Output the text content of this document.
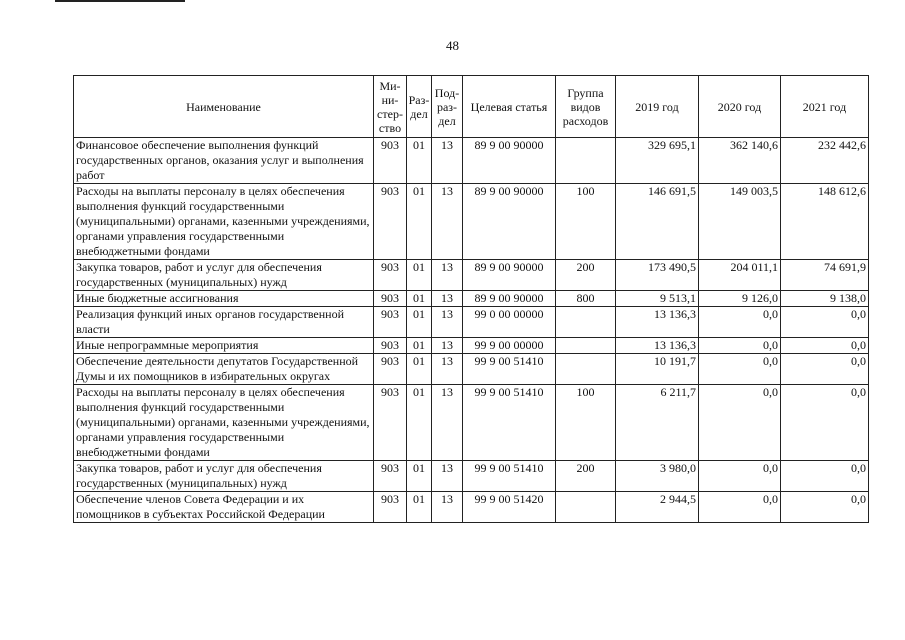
48
Наименование	Ми- ни- стер- ство	Раз- дел	Под- раз- дел	Целевая статья	Группа видов расходов	2019 год	2020 год	2021 год
Финансовое обеспечение выполнения функций государственных органов, оказания услуг и выполнения работ	903	01	13	89 9 00 90000		329 695,1	362 140,6	232 442,6
Расходы на выплаты персоналу в целях обеспечения выполнения функций государственными (муниципальными) органами, казенными учреждениями, органами управления государственными внебюджетными фондами	903	01	13	89 9 00 90000	100	146 691,5	149 003,5	148 612,6
Закупка товаров, работ и услуг для обеспечения государственных (муниципальных) нужд	903	01	13	89 9 00 90000	200	173 490,5	204 011,1	74 691,9
Иные бюджетные ассигнования	903	01	13	89 9 00 90000	800	9 513,1	9 126,0	9 138,0
Реализация функций иных органов государственной власти	903	01	13	99 0 00 00000		13 136,3	0,0	0,0
Иные непрограммные мероприятия	903	01	13	99 9 00 00000		13 136,3	0,0	0,0
Обеспечение деятельности депутатов Государственной Думы и их помощников в избирательных округах	903	01	13	99 9 00 51410		10 191,7	0,0	0,0
Расходы на выплаты персоналу в целях обеспечения выполнения функций государственными (муниципальными) органами, казенными учреждениями, органами управления государственными внебюджетными фондами	903	01	13	99 9 00 51410	100	6 211,7	0,0	0,0
Закупка товаров, работ и услуг для обеспечения государственных (муниципальных) нужд	903	01	13	99 9 00 51410	200	3 980,0	0,0	0,0
Обеспечение членов Совета Федерации и их помощников в субъектах Российской Федерации	903	01	13	99 9 00 51420		2 944,5	0,0	0,0
